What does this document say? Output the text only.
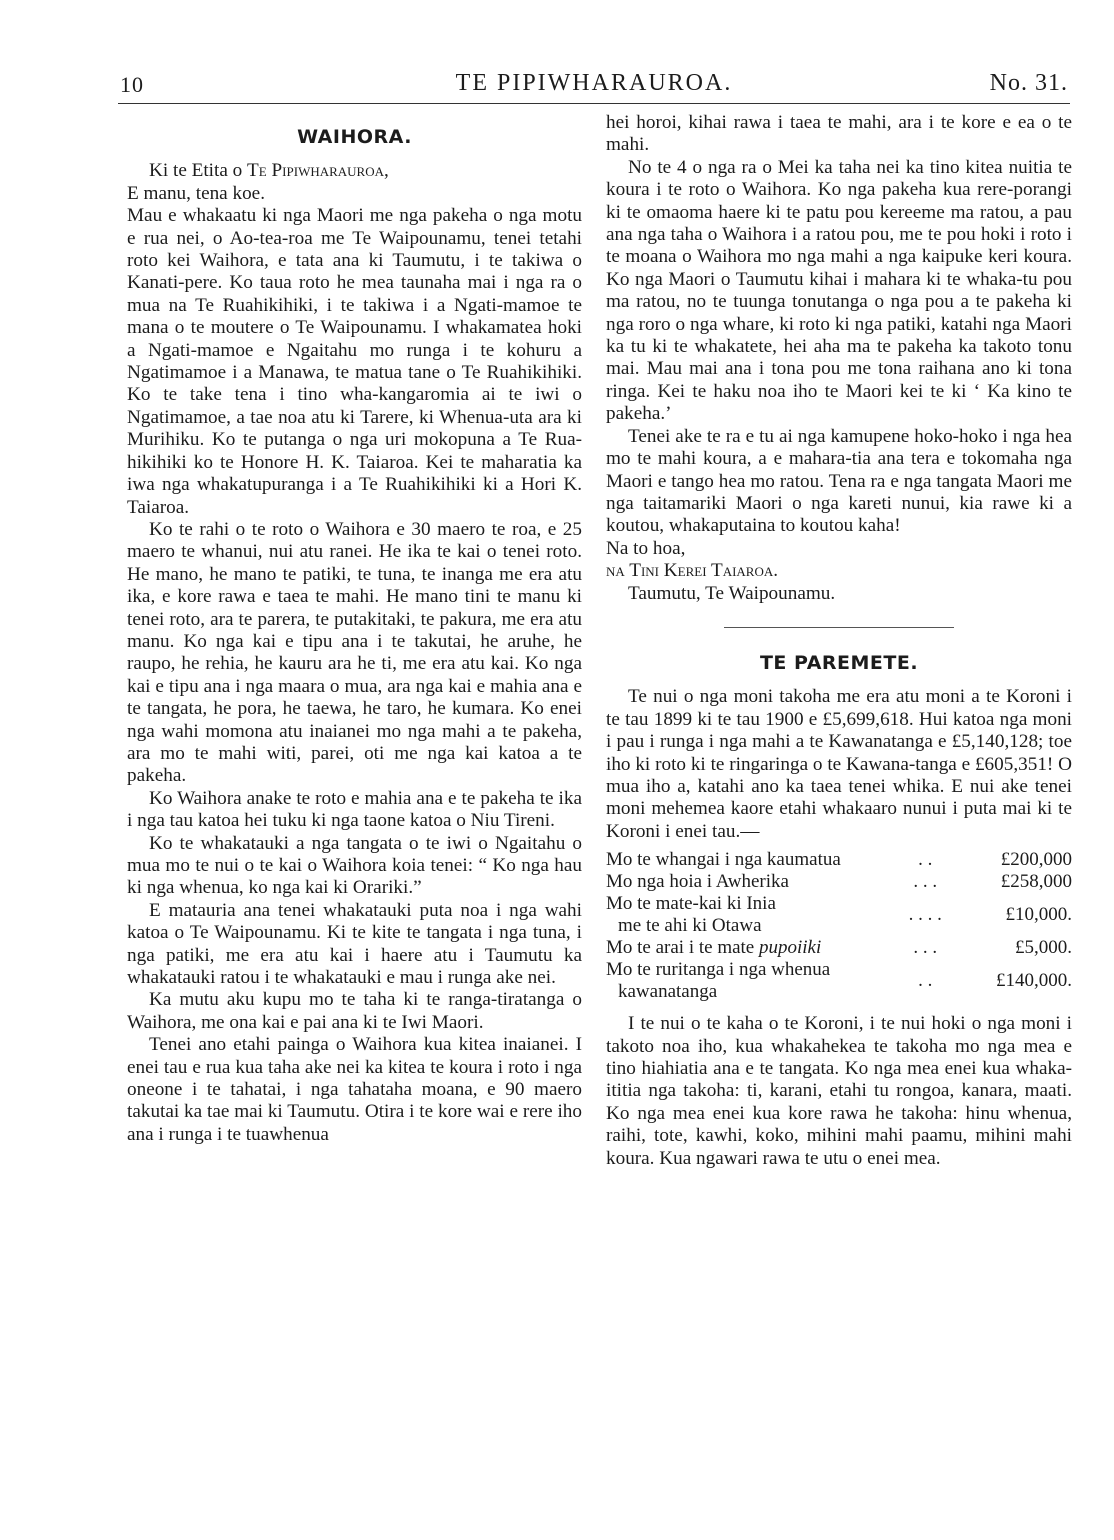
10	TE PIPIWHARAUROA.	No. 31.
WAIHORA.

Ki te Etita o Te Pipiwharauroa,

E manu, tena koe.

Mau e whakaatu ki nga Maori me nga pakeha o nga motu e rua nei, o Ao-tea-roa me Te Waipounamu, tenei tetahi roto kei Waihora, e tata ana ki Taumutu, i te takiwa o Kanati-pere. Ko taua roto he mea taunaha mai i nga ra o mua na Te Ruahikihiki, i te takiwa i a Ngati-mamoe te mana o te moutere o Te Waipounamu. I whakamatea hoki a Ngati-mamoe e Ngaitahu mo runga i te kohuru a Ngatimamoe i a Manawa, te matua tane o Te Ruahikihiki. Ko te take tena i tino wha-kangaromia ai te iwi o Ngatimamoe, a tae noa atu ki Tarere, ki Whenua-uta ara ki Murihiku. Ko te putanga o nga uri mokopuna a Te Rua-hikihiki ko te Honore H. K. Taiaroa. Kei te maharatia ka iwa nga whakatupuranga i a Te Ruahikihiki ki a Hori K. Taiaroa.

Ko te rahi o te roto o Waihora e 30 maero te roa, e 25 maero te whanui, nui atu ranei. He ika te kai o tenei roto. He mano, he mano te patiki, te tuna, te inanga me era atu ika, e kore rawa e taea te mahi. He mano tini te manu ki tenei roto, ara te parera, te putakitaki, te pakura, me era atu manu. Ko nga kai e tipu ana i te takutai, he aruhe, he raupo, he rehia, he kauru ara he ti, me era atu kai. Ko nga kai e tipu ana i nga maara o mua, ara nga kai e mahia ana e te tangata, he pora, he taewa, he taro, he kumara. Ko enei nga wahi momona atu inaianei mo nga mahi a te pakeha, ara mo te mahi witi, parei, oti me nga kai katoa a te pakeha.

Ko Waihora anake te roto e mahia ana e te pakeha te ika i nga tau katoa hei tuku ki nga taone katoa o Niu Tireni.

Ko te whakatauki a nga tangata o te iwi o Ngaitahu o mua mo te nui o te kai o Waihora koia tenei: “ Ko nga hau ki nga whenua, ko nga kai ki Orariki.”

E matauria ana tenei whakatauki puta noa i nga wahi katoa o Te Waipounamu. Ki te kite te tangata i nga tuna, i nga patiki, me era atu kai i haere atu i Taumutu ka whakatauki ratou i te whakatauki e mau i runga ake nei.

Ka mutu aku kupu mo te taha ki te ranga-tiratanga o Waihora, me ona kai e pai ana ki te Iwi Maori.

Tenei ano etahi painga o Waihora kua kitea inaianei. I enei tau e rua kua taha ake nei ka kitea te koura i roto i nga oneone i te tahatai, i nga tahataha moana, e 90 maero takutai ka tae mai ki Taumutu. Otira i te kore wai e rere iho ana i runga i te tuawhenua

hei horoi, kihai rawa i taea te mahi, ara i te kore e ea o te mahi.

No te 4 o nga ra o Mei ka taha nei ka tino kitea nuitia te koura i te roto o Waihora. Ko nga pakeha kua rere-porangi ki te omaoma haere ki te patu pou kereeme ma ratou, a pau ana nga taha o Waihora i a ratou pou, me te pou hoki i roto i te moana o Waihora mo nga mahi a nga kaipuke keri koura. Ko nga Maori o Taumutu kihai i mahara ki te whaka-tu pou ma ratou, no te tuunga tonutanga o nga pou a te pakeha ki nga roro o nga whare, ki roto ki nga patiki, katahi nga Maori ka tu ki te whakatete, hei aha ma te pakeha ka takoto tonu mai. Mau mai ana i tona pou me tona raihana ano ki tona ringa. Kei te haku noa iho te Maori kei te ki ‘ Ka kino te pakeha.’

Tenei ake te ra e tu ai nga kamupene hoko-hoko i nga hea mo te mahi koura, a e mahara-tia ana tera e tokomaha nga Maori e tango hea mo ratou. Tena ra e nga tangata Maori me nga taitamariki Maori o nga kareti nunui, kia rawe ki a koutou, whakaputaina to koutou kaha!

Na to hoa,

na Tini Kerei Taiaroa.

Taumutu, Te Waipounamu.

TE PAREMETE.

Te nui o nga moni takoha me era atu moni a te Koroni i te tau 1899 ki te tau 1900 e £5,699,618. Hui katoa nga moni i pau i runga i nga mahi a te Kawanatanga e £5,140,128; toe iho ki roto ki te ringaringa o te Kawana-tanga e £605,351! O mua iho a, katahi ano ka taea tenei whika. E nui ake tenei moni mehemea kaore etahi whakaaro nunui i puta mai ki te Koroni i enei tau.—

Mo te whangai i nga kaumatua	. .	£200,000
Mo nga hoia i Awherika	. . .	£258,000

Mo te mate-kai ki Inia
me te ahi ki Otawa	. . . .	£10,000.
Mo te arai i te mate pupoiiki	. . .	£5,000.

Mo te ruritanga i nga whenua
kawanatanga	. .	£140,000.

I te nui o te kaha o te Koroni, i te nui hoki o nga moni i takoto noa iho, kua whakahekea te takoha mo nga mea e tino hiahiatia ana e te tangata. Ko nga mea enei kua whaka-ititia nga takoha: ti, karani, etahi tu rongoa, kanara, maati. Ko nga mea enei kua kore rawa he takoha: hinu whenua, raihi, tote, kawhi, koko, mihini mahi paamu, mihini mahi koura. Kua ngawari rawa te utu o enei mea.
